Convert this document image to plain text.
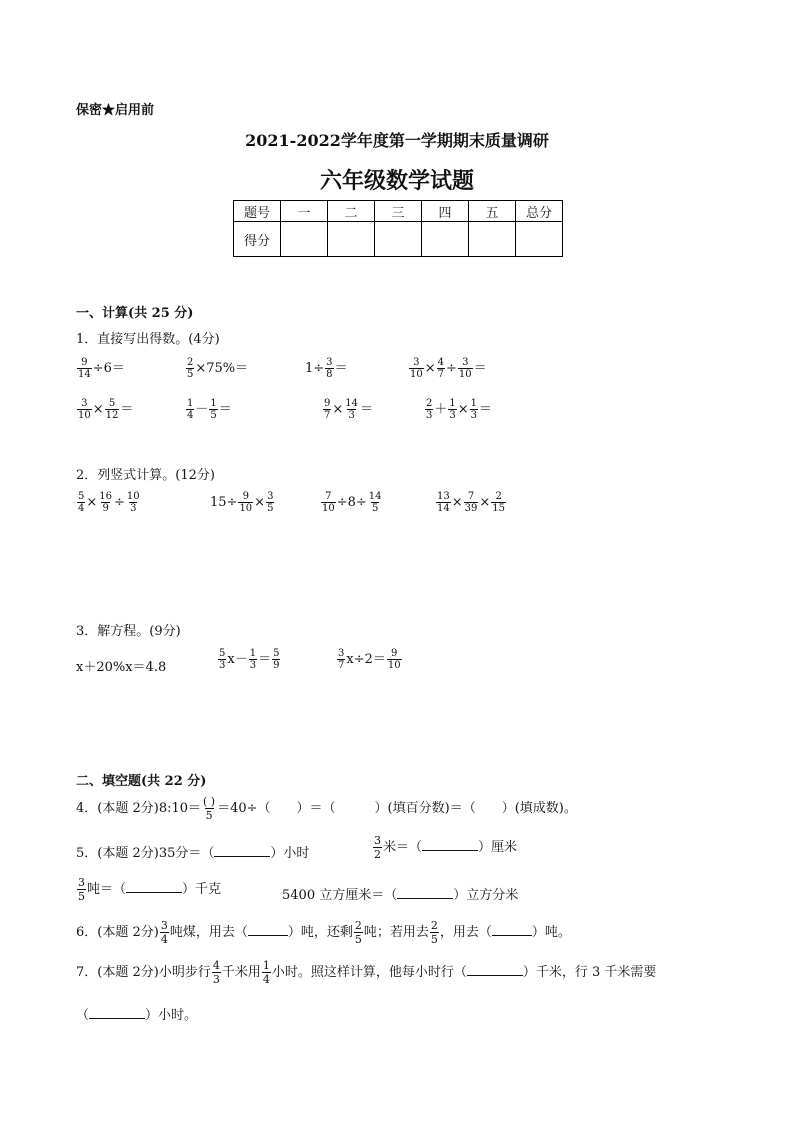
保密★启用前
2021-2022学年度第一学期期末质量调研
六年级数学试题
题号	一	二	三	四	五	总分
得分						
一、计算(共 25 分)
1．直接写出得数。(4分)
$\frac{9}{14} \div 6=$	$\frac{2}{5} \times 75\%=$	$1\div \frac{3}{8}$ ＝	$\frac{3}{10} \times \frac{4}{7} \div \frac{3}{10}$ ＝
$\frac{3}{10} \times \frac{5}{12}$ ＝	$\frac{1}{4} - \frac{1}{5}$ ＝	$\frac{9}{7} \times \frac{14}{3}$ ＝	$\frac{2}{3} + \frac{1}{3} \times \frac{1}{3}$ ＝
2．列竖式计算。(12分)
$\frac{5}{4} \times \frac{16}{9} \div \frac{10}{3}$	$15\div \frac{9}{10} \times \frac{3}{5}$	$\frac{7}{10} \div 8\div \frac{14}{5}$	$\frac{13}{14} \times \frac{7}{39} \times \frac{2}{15}$
3．解方程。(9分)
x＋20%x＝4.8	$\frac{5}{3} x- \frac{1}{3} = \frac{5}{9}$	$\frac{3}{7} x\div 2= \frac{9}{10}$
二、填空题(共 22 分)
4．(本题 2分)8:10＝ $\frac{( )}{5} =40\div$（　　）＝（　　　）(填百分数)＝（　　）(填成数)。
5．(本题 2分)35分＝（	）小时	$\frac{3}{2}$ 米＝（	）厘米
$\frac{3}{5}$ 吨＝（	）千克	5400 立方厘米＝（	）立方分米
6．(本题 2分) $\frac{3}{4}$ 吨煤，用去（	）吨，还剩 $\frac{2}{5}$ 吨；若用去 $\frac{2}{5}$ ，用去（	）吨。
7．(本题 2分)小明步行 $\frac{4}{3}$ 千米用 $\frac{1}{4}$ 小时。照这样计算，他每小时行（	）千米，行 3 千米需要
（	）小时。
